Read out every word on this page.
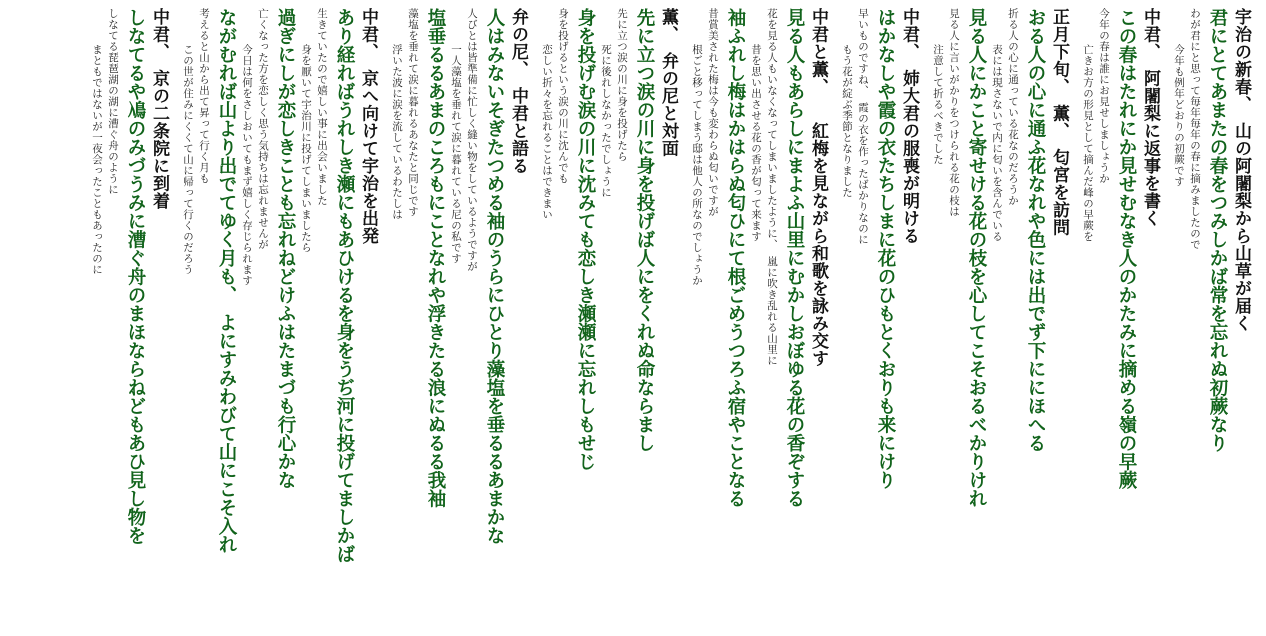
宇治の新春、　山の阿闍梨から山草が届く
君にとてあまたの春をつみしかば常を忘れぬ初蕨なり
わが君にと思って毎年毎年の春に摘みましたので
今年も例年どおりの初蕨です
中君、　阿闍梨に返事を書く
この春はたれにか見せむなき人のかたみに摘める嶺の早蕨
今年の春は誰にお見せしましょうか
亡きお方の形見として摘んだ峰の早蕨を
正月下旬、　薫、　匂宮を訪問
おる人の心に通ふ花なれや色には出でず下ににほへる
折る人の心に通っている花なのだろうか
表には現さないで内に匂いを含んでいる
見る人にかこと寄せける花の枝を心してこそおるべかりけれ
見る人に言いがかりをつけられる花の枝は
注意して折るべきでした
中君、　姉大君の服喪が明ける
はかなしや霞の衣たちしまに花のひもとくおりも来にけり
早いものですね、　霞の衣を作ったばかりなのに
もう花が綻ぶ季節となりました
中君と薫、　　紅梅を見ながら和歌を詠み交す
見る人もあらしにまよふ山里にむかしおぼゆる花の香ぞする
花を見る人もいなくなってしまいましたように、　嵐に吹き乱れる山里に
昔を思い出させる花の香が匂って来ます
袖ふれし梅はかはらぬ匂ひにて根ごめうつろふ宿やことなる
昔賞美された梅は今も変わらぬ匂いですが
根ごと移ってしまう邸は他人の所なのでしょうか
薫、　弁の尼と対面
先に立つ涙の川に身を投げば人にをくれぬ命ならまし
先に立つ涙の川に身を投げたら
死に後れしなかったでしょうに
身を投げむ涙の川に沈みても恋しき瀬瀬に忘れしもせじ
身を投げるという涙の川に沈んでも
恋しい折々を忘れることはできまい
弁の尼、　中君と語る
人はみないそぎたつめる袖のうらにひとり藻塩を垂るるあまかな
人びとは皆準備に忙しく縫い物をしているようですが
一人藻塩を垂れて涙に暮れている尼の私です
塩垂るるあまのころもにことなれや浮きたる浪にぬるる我袖
藻塩を垂れて涙に暮れるあなたと同じです
浮いた波に涙を流しているわたしは
中君、　京へ向けて宇治を出発
あり経ればうれしき瀬にもあひけるを身をうぢ河に投げてましかば
生きていたので嬉しい事に出会いました
身を厭いて宇治川に投げてしまいましたら
過ぎにしが恋しきことも忘れねどけふはたまづも行心かな
亡くなった方を恋しく思う気持ちは忘れませんが
今日は何をさしおいてもまず嬉しく存じられます
ながむれば山より出でてゆく月も、　よにすみわびて山にこそ入れ
考えると山から出て昇って行く月も
この世が住みにくくて山に帰って行くのだろう
中君、　京の二条院に到着
しなてるや鳰のみづうみに漕ぐ舟のまほならねどもあひ見し物を
しなてる琵琶湖の湖に漕ぐ舟のように
まともではないが一夜会ったこともあったのに
